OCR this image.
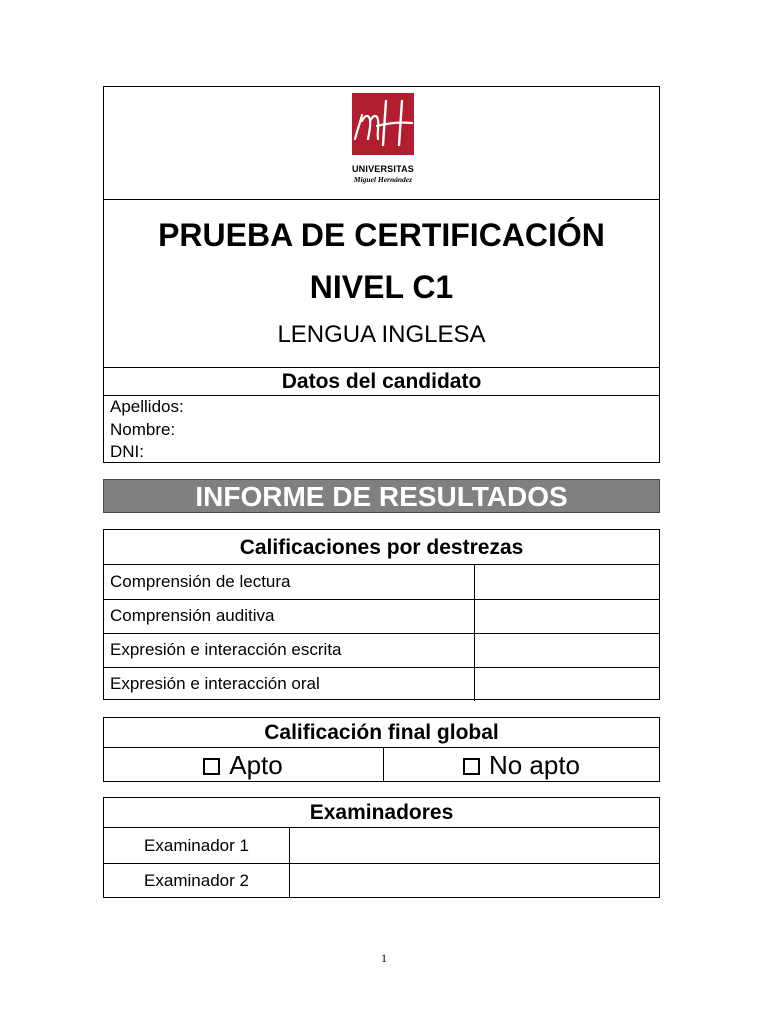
UNIVERSITAS
Miguel Hernández
PRUEBA DE CERTIFICACIÓN
NIVEL C1
LENGUA INGLESA
Datos del candidato
Apellidos:
Nombre:
DNI:
INFORME DE RESULTADOS
Calificaciones por destrezas
Comprensión de lectura
Comprensión auditiva
Expresión e interacción escrita
Expresión e interacción oral
Calificación final global
Apto	No apto
Examinadores
Examinador 1
Examinador 2
1
